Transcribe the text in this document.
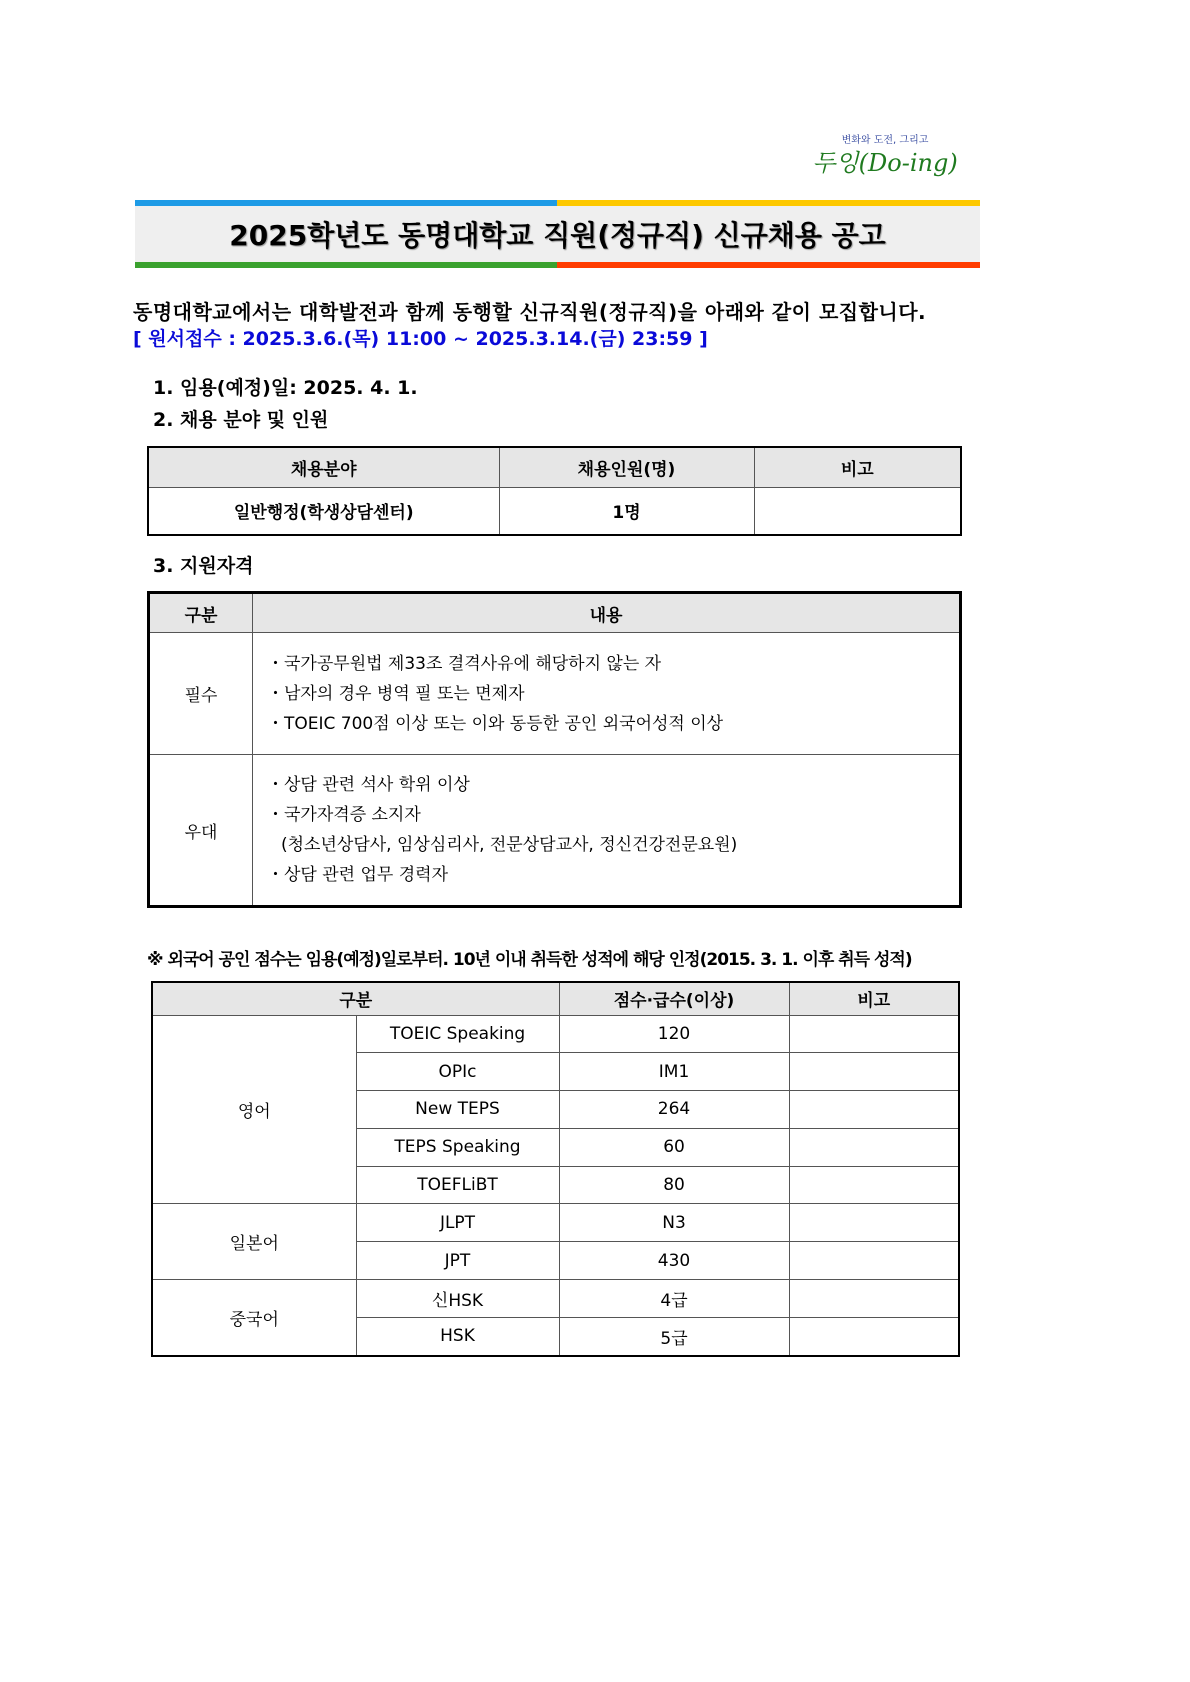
변화와 도전, 그리고
두잉(Do-ing)
2025학년도 동명대학교 직원(정규직) 신규채용 공고
동명대학교에서는 대학발전과 함께 동행할 신규직원(정규직)을 아래와 같이 모집합니다.
[ 원서접수 : 2025.3.6.(목) 11:00 ~ 2025.3.14.(금) 23:59 ]
1. 임용(예정)일: 2025. 4. 1.
2. 채용 분야 및 인원
채용분야	채용인원(명)	비고
일반행정(학생상담센터)	1명	
3. 지원자격
구분	내용
필수	・국가공무원법 제33조 결격사유에 해당하지 않는 자
・남자의 경우 병역 필 또는 면제자
・TOEIC 700점 이상 또는 이와 동등한 공인 외국어성적 이상

우대	・상담 관련 석사 학위 이상
・국가자격증 소지자
(청소년상담사, 임상심리사, 전문상담교사, 정신건강전문요원)
・상담 관련 업무 경력자
※ 외국어 공인 점수는 임용(예정)일로부터. 10년 이내 취득한 성적에 해당 인정(2015. 3. 1. 이후 취득 성적)
구분		점수·급수(이상)	비고
영어	TOEIC Speaking	120	
	OPIc	IM1	
	New TEPS	264	
	TEPS Speaking	60	
	TOEFLiBT	80	
일본어	JLPT	N3	
	JPT	430	
중국어	신HSK	4급	
	HSK	5급	
